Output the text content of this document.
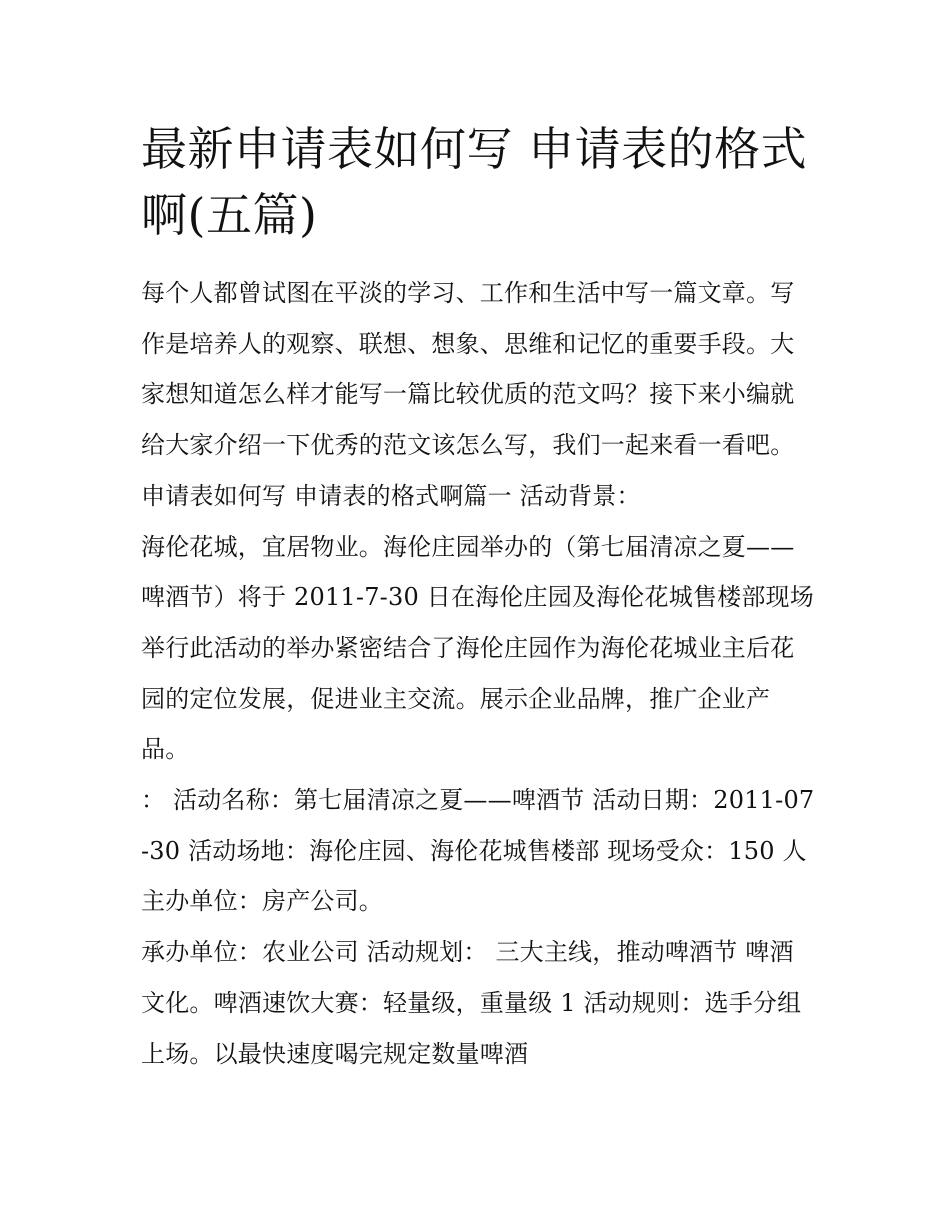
最新申请表如何写 申请表的格式啊(五篇)

每个人都曾试图在平淡的学习、工作和生活中写一篇文章。写作是培养人的观察、联想、想象、思维和记忆的重要手段。大家想知道怎么样才能写一篇比较优质的范文吗？接下来小编就给大家介绍一下优秀的范文该怎么写，我们一起来看一看吧。

申请表如何写 申请表的格式啊篇一 活动背景：

海伦花城，宜居物业。海伦庄园举办的（第七届清凉之夏——啤酒节）将于 2011-7-30 日在海伦庄园及海伦花城售楼部现场举行此活动的举办紧密结合了海伦庄园作为海伦花城业主后花园的定位发展，促进业主交流。展示企业品牌，推广企业产品。

： 活动名称：第七届清凉之夏——啤酒节 活动日期：2011-07-30 活动场地：海伦庄园、海伦花城售楼部 现场受众：150 人 主办单位：房产公司。

承办单位：农业公司 活动规划： 三大主线，推动啤酒节 啤酒文化。啤酒速饮大赛：轻量级，重量级 1 活动规则：选手分组上场。以最快速度喝完规定数量啤酒
